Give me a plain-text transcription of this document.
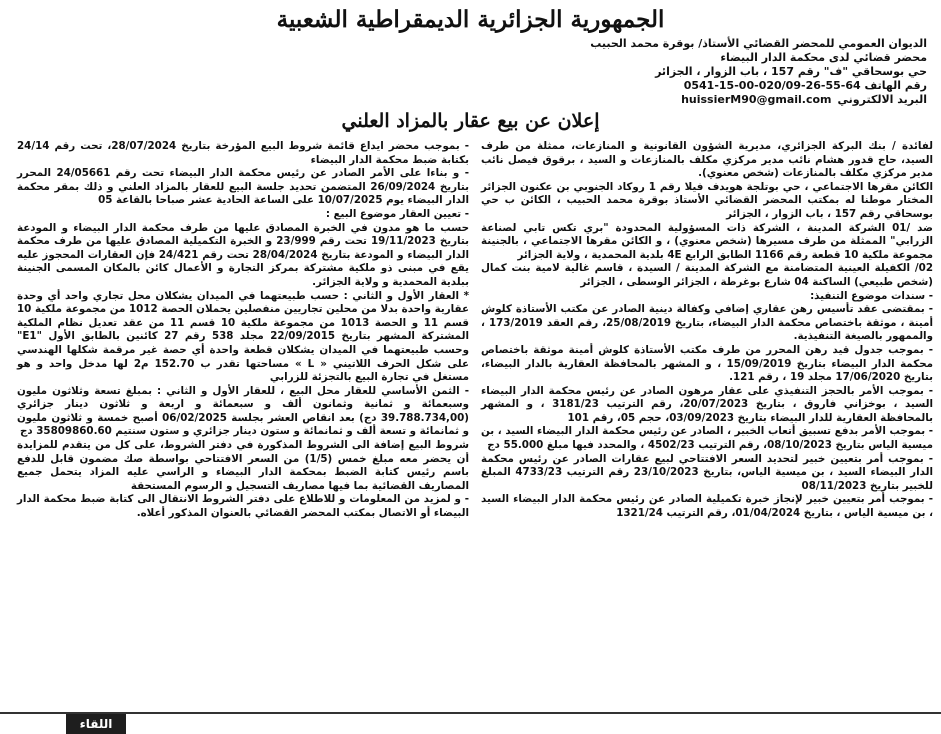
الجمهورية الجزائرية الديمقراطية الشعبية
الديوان العمومي للمحضر القضائي الأستاذ/ بوقرة محمد الحبيب
محضر قضائي لدى محكمة الدار البيضاء
حي بوسحاقي "ف" رقم 157 ، باب الزوار ، الجزائر
رقم الهاتف 64-55-26-020/09-00-15-0541
البريد الالكتروني
huissierM90@gmail.com
إعلان عن بيع عقار بالمزاد العلني

لفائدة / بنك البركة الجزائري، مديرية الشؤون القانونية و المنازعات، ممثلة من طرف السيد، حاج قدور هشام نائب مدير مركزي مكلف بالمنازعات و السيد ، برقوق فيصل نائب مدير مركزي مكلف بالمنازعات (شخص معنوي).

الكائن مقرها الاجتماعي ، حي بوتلجة هويدف فيلا رقم 1 روكاد الجنوبي بن عكنون الجزائر المختار موطنا له بمكتب المحضر القضائي الأستاذ بوقرة محمد الحبيب ، الكائن ب حي بوسحاقي رقم 157 ، باب الزوار ، الجزائر

ضد /01 الشركة المدينة ، الشركة ذات المسؤولية المحدودة "بري تكس تابي لصناعة الزرابي" الممثلة من طرف مسيرها (شخص معنوي) ، و الكائن مقرها الاجتماعي ، بالجنينة مجموعة ملكية 10 قطعة رقم 1166 الطابق الرابع 4E بلدية المحمدية ، ولاية الجزائر

02/ الكفيلة العينية المتضامنة مع الشركة المدينة / السيدة ، قاسم غالية لامية بنت كمال (شخص طبيعي) الساكنة 04 شارع بوغرطة ، الجزائر الوسطى ، الجزائر

- سندات موضوع التنفيذ:

- بمقتضى عقد تأسيس رهن عقاري إضافي وكفالة دينية الصادر عن مكتب الأستاذة كلوش أمينة ، موثقة باختصاص محكمة الدار البيضاء، بتاريخ 25/08/2019، رقم العقد 173/2019 ، والممهور بالصيغة التنفيذية.

- بموجب جدول قيد رهن المحرر من طرف مكتب الأستاذة كلوش أمينة موثقة باختصاص محكمة الدار البيضاء بتاريخ 15/09/2019 ، و المشهر بالمحافظة العقارية بالدار البيضاء، بتاريخ 17/06/2020 مجلد 19 ، رقم 121.

- بموجب الأمر بالحجز التنفيذي على عقار مرهون الصادر عن رئيس محكمة الدار البيضاء السيد ، بوخزاني فاروق ، بتاريخ 20/07/2023، رقم الترتيب 3181/23 ، و المشهر بالمحافظة العقارية للدار البيضاء بتاريخ 03/09/2023، حجم 05، رقم 101

- بموجب الأمر بدفع تسبيق أتعاب الخبير ، الصادر عن رئيس محكمة الدار البيضاء السيد ، بن ميسية الياس بتاريخ 08/10/2023، رقم الترتيب 4502/23 ، والمحدد فيها مبلغ 55.000 دج

- بموجب أمر بتعيين خبير لتحديد السعر الافتتاحي لبيع عقارات الصادر عن رئيس محكمة الدار البيضاء السيد ، بن ميسية الياس، بتاريخ 23/10/2023 رقم الترتيب 4733/23 المبلغ للخبير بتاريخ 08/11/2023

- بموجب أمر بتعيين خبير لإنجاز خبرة تكميلية الصادر عن رئيس محكمة الدار البيضاء السيد ، بن ميسية الياس ، بتاريخ 01/04/2024، رقم الترتيب 1321/24

- بموجب محضر ايداع قائمة شروط البيع المؤرخة بتاريخ 28/07/2024، تحت رقم 24/14 بكتابة ضبط محكمة الدار البيضاء

- و بناءا على الأمر الصادر عن رئيس محكمة الدار البيضاء تحت رقم 24/05661 المحرر بتاريخ 26/09/2024 المتضمن تحديد جلسة البيع للعقار بالمزاد العلني و ذلك بمقر محكمة الدار البيضاء يوم 10/07/2025 على الساعة الحادية عشر صباحا بالقاعة 05

- تعيين العقار موضوع البيع :

حسب ما هو مدون في الخبرة المصادق عليها من طرف محكمة الدار البيضاء و المودعة بتاريخ 19/11/2023 تحت رقم 23/999 و الخبرة التكميلية المصادق عليها من طرف محكمة الدار البيضاء و المودعة بتاريخ 28/04/2024 تحت رقم 24/421 فإن العقارات المحجوز عليه يقع في مبنى ذو ملكية مشتركة بمركز التجارة و الأعمال كائن بالمكان المسمى الجنينة ببلدية المحمدية و ولاية الجزائر.

* العقار الأول و الثاني : حسب طبيعتهما في الميدان يشكلان محل تجاري واحد أي وحدة عقارية واحدة بدلا من محلين تجاريين منفصلين يحملان الحصة 1012 من مجموعة ملكية 10 قسم 11 و الحصة 1013 من مجموعة ملكية 10 قسم 11 من عقد تعديل نظام الملكية المشتركة المشهر بتاريخ 22/09/2015 مجلد 538 رقم 27 كائنين بالطابق الأول "E1" وحسب طبيعتهما في الميدان يشكلان قطعة واحدة أي حصة غير مرقمة شكلها الهندسي على شكل الحرف اللاتيني « L » مساحتها تقدر ب 152.70 م2 لها مدخل واحد و هو مستغل في تجارة البيع بالتجزئة للزرابي

- الثمن الأساسي للعقار محل البيع ، للعقار الأول و الثاني : بمبلغ تسعة وثلاثون مليون وسبعمائة و ثمانية وثمانون ألف و سبعمائة و اربعة و ثلاثون دينار جزائري (39.788.734,00 دج) بعد انقاص العشر بجلسة 06/02/2025 أصبح خمسة و ثلاثون مليون و ثمانمائة و تسعة ألف و ثمانمائة و ستون دينار جزائري و ستون سنتيم 35809860.60 دج

شروط البيع إضافة الى الشروط المذكورة في دفتر الشروط، على كل من يتقدم للمزايدة أن يحضر معه مبلغ خمس (1/5) من السعر الافتتاحي بواسطة صك مضمون قابل للدفع باسم رئيس كتابة الضبط بمحكمة الدار البيضاء و الراسي عليه المزاد يتحمل جميع المصاريف القضائية بما فيها مصاريف التسجيل و الرسوم المستحقة

- و لمزيد من المعلومات و للاطلاع على دفتر الشروط الانتقال الى كتابة ضبط محكمة الدار البيضاء أو الاتصال بمكتب المحضر القضائي بالعنوان المذكور أعلاه.

اللقاء
